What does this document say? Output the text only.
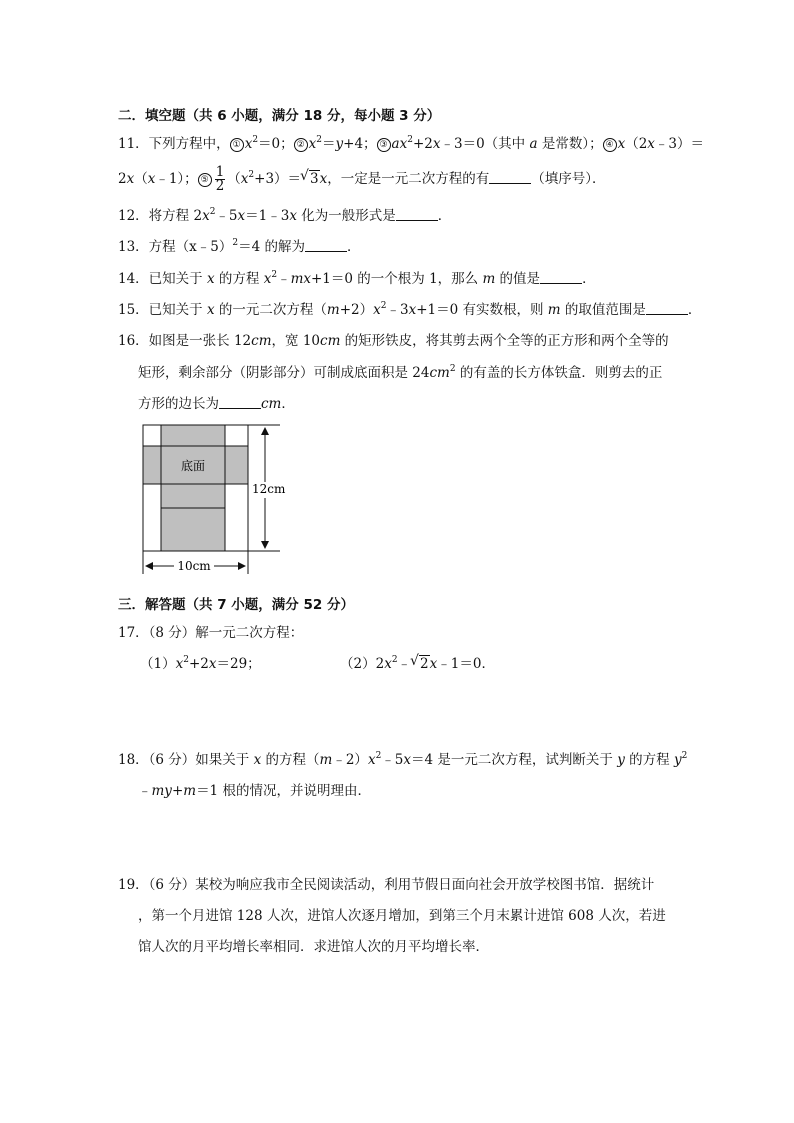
二．填空题（共 6 小题，满分 18 分，每小题 3 分）
11．下列方程中， ① $x^2=0$； ② $x^2=y+4$； ③ $ax^2+2x﹣3=0$（其中 a 是常数）； ④ x（2x﹣3）＝
2x（x﹣1）； ⑤ $\frac{1}{2} (x^2+3)=√$ 3x，一定是一元二次方程的有	（填序号）．
12．将方程 $2x^2﹣5x=1﹣3x$ 化为一般形式是	．
13．方程（x﹣5）$^2$＝4 的解为	．
14．已知关于 x 的方程 $x^2﹣mx+1=0$ 的一个根为 1，那么 m 的值是	．
15．已知关于 x 的一元二次方程$(m+2)x^2﹣3x+1=0$ 有实数根，则 m 的取值范围是	．
16．如图是一张长 12cm，宽 10cm 的矩形铁皮，将其剪去两个全等的正方形和两个全等的
矩形，剩余部分（阴影部分）可制成底面积是 $24cm^2$ 的有盖的长方体铁盒．则剪去的正
方形的边长为	cm．
底面
12cm
10cm
三．解答题（共 7 小题，满分 52 分）
17．（8 分）解一元二次方程：
$(1)x^2+2x=29$；	$(2)2x^2﹣√$ 2x﹣1＝0．
18．（6 分）如果关于 x 的方程$(m﹣2)x^2﹣5x=4$ 是一元二次方程，试判断关于 y 的方程 $y^2$
﹣my+m＝1 根的情况，并说明理由．
19．（6 分）某校为响应我市全民阅读活动，利用节假日面向社会开放学校图书馆．据统计
，第一个月进馆 128 人次，进馆人次逐月增加，到第三个月末累计进馆 608 人次，若进
馆人次的月平均增长率相同．求进馆人次的月平均增长率．
